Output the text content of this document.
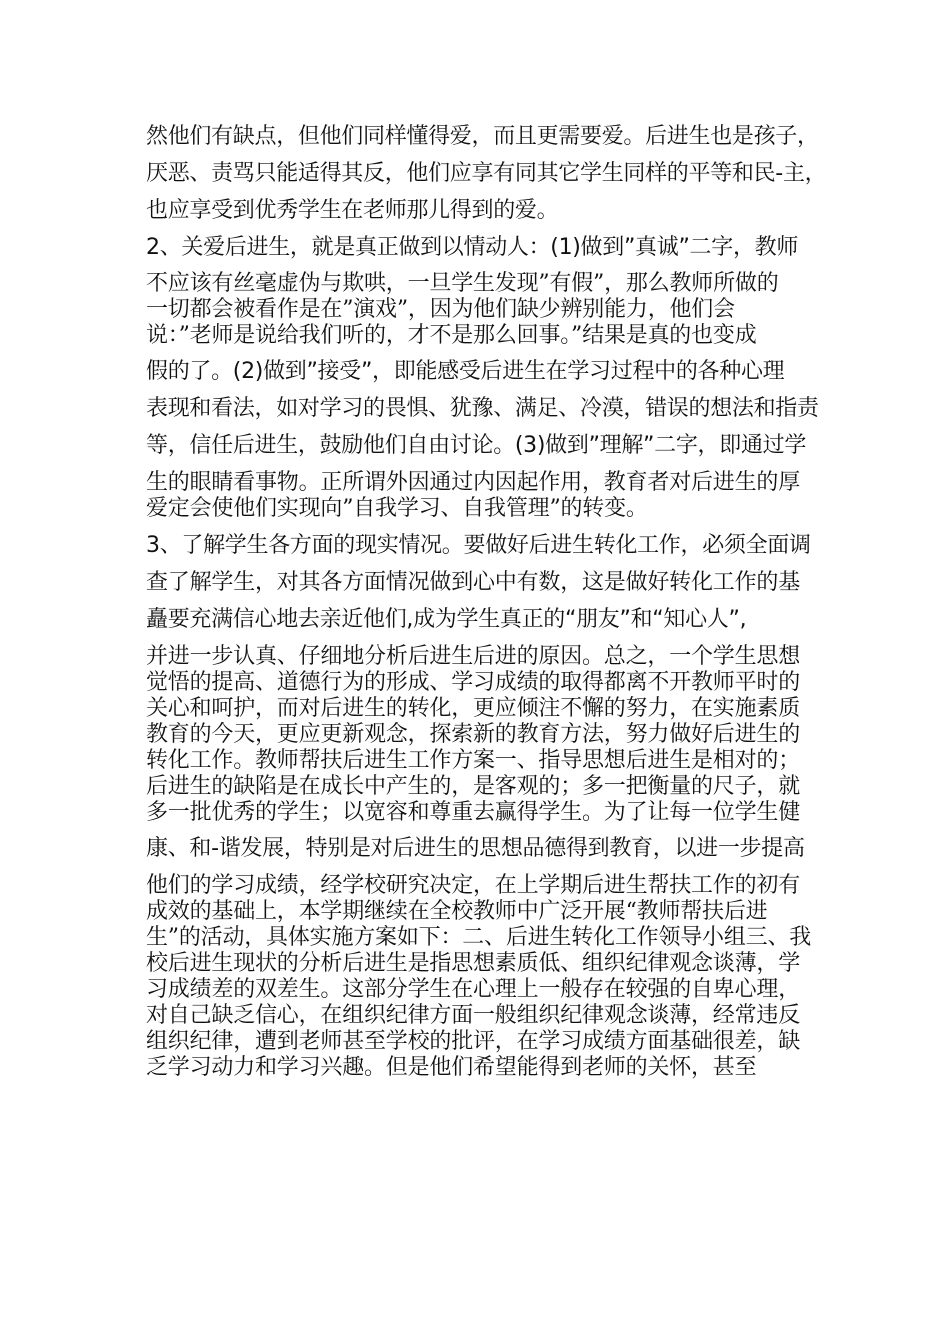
然他们有缺点，但他们同样懂得爱，而且更需要爱。后进生也是孩子，
厌恶、责骂只能适得其反，他们应享有同其它学生同样的平等和民-主，
也应享受到优秀学生在老师那儿得到的爱。
2、关爱后进生，就是真正做到以情动人：(1)做到”真诚”二字，教师
不应该有丝毫虚伪与欺哄，一旦学生发现”有假”，那么教师所做的
一切都会被看作是在”演戏”，因为他们缺少辨别能力，他们会
说：”老师是说给我们听的，才不是那么回事。”结果是真的也变成
假的了。(2)做到”接受”，即能感受后进生在学习过程中的各种心理
表现和看法，如对学习的畏惧、犹豫、满足、冷漠，错误的想法和指责
等，信任后进生，鼓励他们自由讨论。(3)做到”理解”二字，即通过学
生的眼睛看事物。正所谓外因通过内因起作用，教育者对后进生的厚
爱定会使他们实现向”自我学习、自我管理”的转变。
3、了解学生各方面的现实情况。要做好后进生转化工作，必须全面调
查了解学生，对其各方面情况做到心中有数，这是做好转化工作的基
矗要充满信心地去亲近他们,成为学生真正的“朋友”和“知心人”,
并进一步认真、仔细地分析后进生后进的原因。总之，一个学生思想
觉悟的提高、道德行为的形成、学习成绩的取得都离不开教师平时的
关心和呵护，而对后进生的转化，更应倾注不懈的努力，在实施素质
教育的今天，更应更新观念，探索新的教育方法，努力做好后进生的
转化工作。教师帮扶后进生工作方案一、指导思想后进生是相对的；
后进生的缺陷是在成长中产生的，是客观的；多一把衡量的尺子，就
多一批优秀的学生；以宽容和尊重去赢得学生。为了让每一位学生健
康、和-谐发展，特别是对后进生的思想品德得到教育，以进一步提高
他们的学习成绩，经学校研究决定，在上学期后进生帮扶工作的初有
成效的基础上，本学期继续在全校教师中广泛开展“教师帮扶后进
生”的活动，具体实施方案如下：二、后进生转化工作领导小组三、我
校后进生现状的分析后进生是指思想素质低、组织纪律观念谈薄，学
习成绩差的双差生。这部分学生在心理上一般存在较强的自卑心理，
对自己缺乏信心，在组织纪律方面一般组织纪律观念谈薄，经常违反
组织纪律，遭到老师甚至学校的批评，在学习成绩方面基础很差，缺
乏学习动力和学习兴趣。但是他们希望能得到老师的关怀，甚至
